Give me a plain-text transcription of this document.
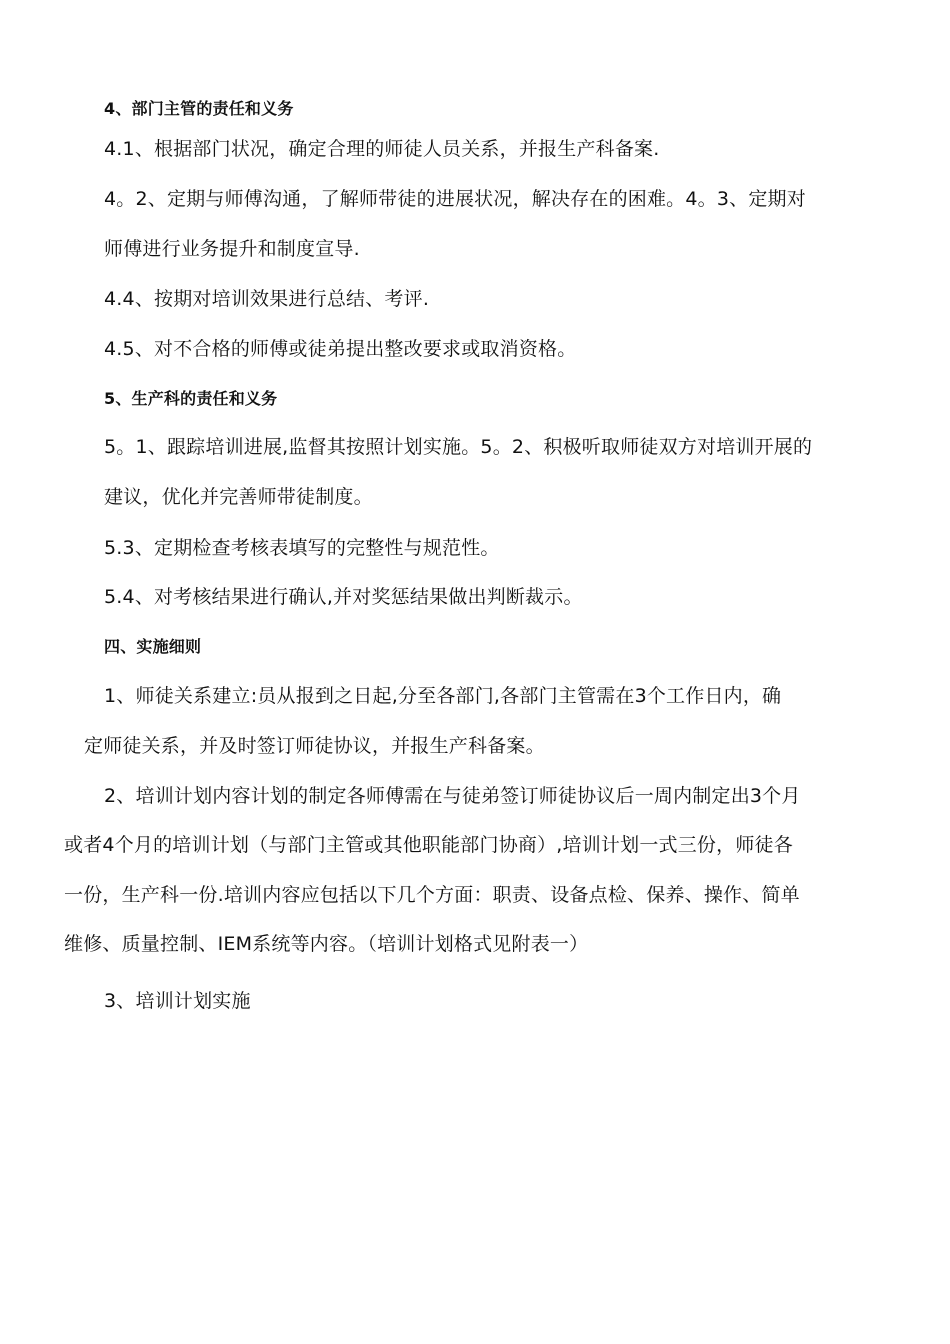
4、部门主管的责任和义务
4.1、根据部门状况，确定合理的师徒人员关系，并报生产科备案.
4。2、定期与师傅沟通，了解师带徒的进展状况，解决存在的困难。4。3、定期对
师傅进行业务提升和制度宣导.
4.4、按期对培训效果进行总结、考评.
4.5、对不合格的师傅或徒弟提出整改要求或取消资格。
5、生产科的责任和义务
5。1、跟踪培训进展,监督其按照计划实施。5。2、积极听取师徒双方对培训开展的
建议，优化并完善师带徒制度。
5.3、定期检查考核表填写的完整性与规范性。
5.4、对考核结果进行确认,并对奖惩结果做出判断裁示。
四、实施细则
1、师徒关系建立:员从报到之日起,分至各部门,各部门主管需在3个工作日内，确
定师徒关系，并及时签订师徒协议，并报生产科备案。
2、培训计划内容计划的制定各师傅需在与徒弟签订师徒协议后一周内制定出3个月
或者4个月的培训计划（与部门主管或其他职能部门协商）,培训计划一式三份，师徒各
一份，生产科一份.培训内容应包括以下几个方面：职责、设备点检、保养、操作、简单
维修、质量控制、IEM系统等内容。（培训计划格式见附表一）
3、培训计划实施
